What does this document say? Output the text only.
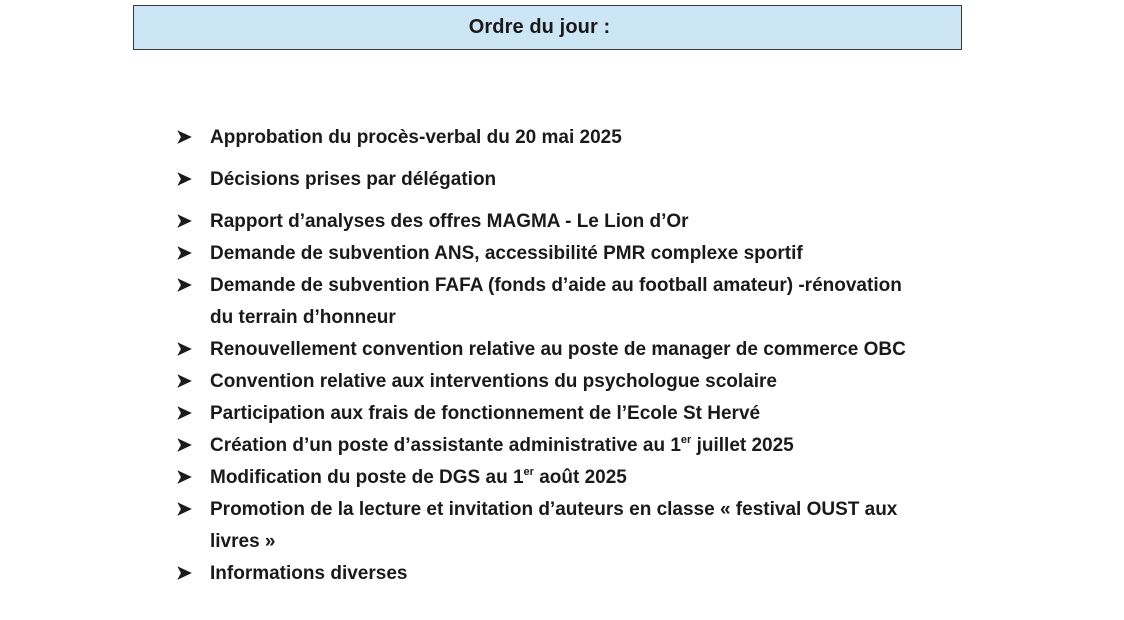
Ordre du jour :
➤ Approbation du procès-verbal du 20 mai 2025
➤ Décisions prises par délégation
➤ Rapport d’analyses des offres MAGMA - Le Lion d’Or
➤ Demande de subvention ANS, accessibilité PMR complexe sportif
➤ Demande de subvention FAFA (fonds d’aide au football amateur) -rénovation
du terrain d’honneur
➤ Renouvellement convention relative au poste de manager de commerce OBC
➤ Convention relative aux interventions du psychologue scolaire
➤ Participation aux frais de fonctionnement de l’Ecole St Hervé
➤ Création d’un poste d’assistante administrative au 1er juillet 2025
➤ Modification du poste de DGS au 1er août 2025
➤ Promotion de la lecture et invitation d’auteurs en classe « festival OUST aux
livres »
➤ Informations diverses
